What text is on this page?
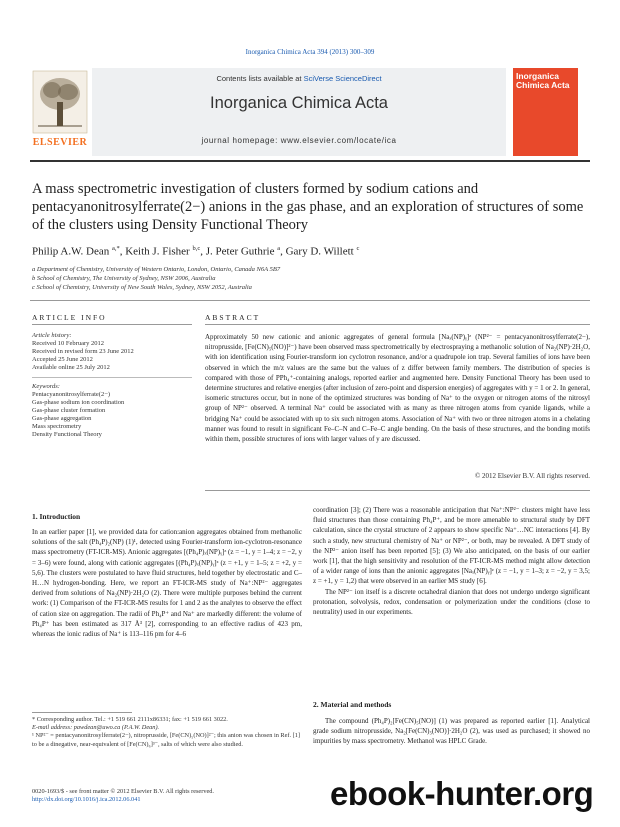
Inorganica Chimica Acta 394 (2013) 300–309
Contents lists available at SciVerse ScienceDirect
Inorganica Chimica Acta
journal homepage: www.elsevier.com/locate/ica
ELSEVIER
Inorganica Chimica Acta
A mass spectrometric investigation of clusters formed by sodium cations and pentacyanonitrosylferrate(2−) anions in the gas phase, and an exploration of structures of some of the clusters using Density Functional Theory
Philip A.W. Dean $^{a,*}$, Keith J. Fisher $^{b,c}$, J. Peter Guthrie $^a$, Gary D. Willett $^c$
a Department of Chemistry, University of Western Ontario, London, Ontario, Canada N6A 5B7
b School of Chemistry, The University of Sydney, NSW 2006, Australia
c School of Chemistry, University of New South Wales, Sydney, NSW 2052, Australia
ARTICLE INFO	ABSTRACT
Article history:
Received 10 February 2012
Received in revised form 23 June 2012
Accepted 25 June 2012
Available online 25 July 2012
Keywords:
Pentacyanonitrosylferrate(2−)
Gas-phase sodium ion coordination
Gas-phase cluster formation
Gas-phase aggregation
Mass spectrometry
Density Functional Theory
Approximately 50 new cationic and anionic aggregates of general formula [Naₓ(NP)ᵧ]ᶻ (NP²⁻ = pentacyanonitrosylferrate(2−), nitroprusside, [Fe(CN)₅(NO)]²⁻) have been observed mass spectrometrically by electrospraying a methanolic solution of Na₂(NP)·2H₂O, with ion identification using Fourier-transform ion cyclotron resonance, and/or a quadrupole ion trap. Several families of ions have been observed in which the m/z values are the same but the values of z differ between family members. The distribution of species is compared with those of PPh₄⁺-containing analogs, reported earlier and augmented here. Density Functional Theory has been used to determine structures and relative energies (after inclusion of zero-point and dispersion energies) of aggregates with y = 1 or 2. In general, isomeric structures occur, but in none of the optimized structures was bonding of Na⁺ to the oxygen or nitrogen atoms of the nitrosyl group of NP²⁻ observed. A terminal Na⁺ could be associated with as many as three nitrogen atoms from cyanide ligands, while a bridging Na⁺ could be associated with up to six such nitrogen atoms. Association of Na⁺ with two or three nitrogen atoms in a chelating manner was found to result in significant Fe–C–N and C–Fe–C angle bending. On the basis of these structures, and the bonding motifs within them, possible structures of ions with larger values of y are discussed.
© 2012 Elsevier B.V. All rights reserved.
1. Introduction
In an earlier paper [1], we provided data for cation:anion aggregates obtained from methanolic solutions of the salt (Ph₄P)₂(NP) (1)¹, detected using Fourier-transform ion-cyclotron-resonance mass spectrometry (FT-ICR-MS). Anionic aggregates [(Ph₄P)ₓ(NP)ᵧ]ᶻ (z = −1, y = 1–4; z = −2, y = 3–6) were found, along with cationic aggregates [(Ph₄P)ₓ(NP)ᵧ]ᶻ (z = +1, y = 1–5; z = +2, y = 5,6). The clusters were postulated to have fluid structures, held together by electrostatic and C–H…N hydrogen-bonding. Here, we report an FT-ICR-MS study of Na⁺:NP²⁻ aggregates derived from solutions of Na₂(NP)·2H₂O (2). There were multiple purposes behind the current work: (1) Comparison of the FT-ICR-MS results for 1 and 2 as the analytes to observe the effect of cation size on aggregation. The radii of Ph₄P⁺ and Na⁺ are markedly different: the volume of Ph₄P⁺ has been estimated as 317 Å³ [2], corresponding to an effective radius of 423 pm, whereas the ionic radius of Na⁺ is 113–116 pm for 4–6
coordination [3]; (2) There was a reasonable anticipation that Na⁺:NP²⁻ clusters might have less fluid structures than those containing Ph₄P⁺, and be more amenable to structural study by DFT calculation, since the crystal structure of 2 appears to show specific Na⁺…NC interactions [4]. By such a study, new structural chemistry of Na⁺ or NP²⁻, or both, may be revealed. A DFT study of the NP²⁻ anion itself has been reported [5]; (3) We also anticipated, on the basis of our earlier work [1], that the high sensitivity and resolution of the FT-ICR-MS method might allow detection of a wider range of ions than the anionic aggregates [Naₓ(NP)ᵧ]ᶻ (z = −1, y = 1–3; z = −2, y = 3,5; z = +1, y = 1,2) that were observed in an earlier MS study [6].
The NP²⁻ ion itself is a discrete octahedral dianion that does not undergo undergo significant protonation, solvolysis, redox, condensation or polymerization under the conditions (close to neutrality) used in our experiments.
2. Material and methods
The compound (Ph₄P)₂[Fe(CN)₅(NO)] (1) was prepared as reported earlier [1]. Analytical grade sodium nitroprusside, Na₂[Fe(CN)₅(NO)]·2H₂O (2), was used as purchased; it showed no impurities by mass spectrometry. Methanol was HPLC Grade.
* Corresponding author. Tel.: +1 519 661 2111x86331; fax: +1 519 661 3022.
E-mail address: pawdean@uwo.ca (P.A.W. Dean).
¹ NP²⁻ = pentacyanonitrosylferrate(2−), nitroprusside, [Fe(CN)₅(NO)]²⁻; this anion was chosen in Ref. [1] to be a dinegative, near-equivalent of [Fe(CN)₆]³⁻, salts of which were also studied.
0020-1693/$ - see front matter © 2012 Elsevier B.V. All rights reserved.
http://dx.doi.org/10.1016/j.ica.2012.06.041	ebook-hunter.org
